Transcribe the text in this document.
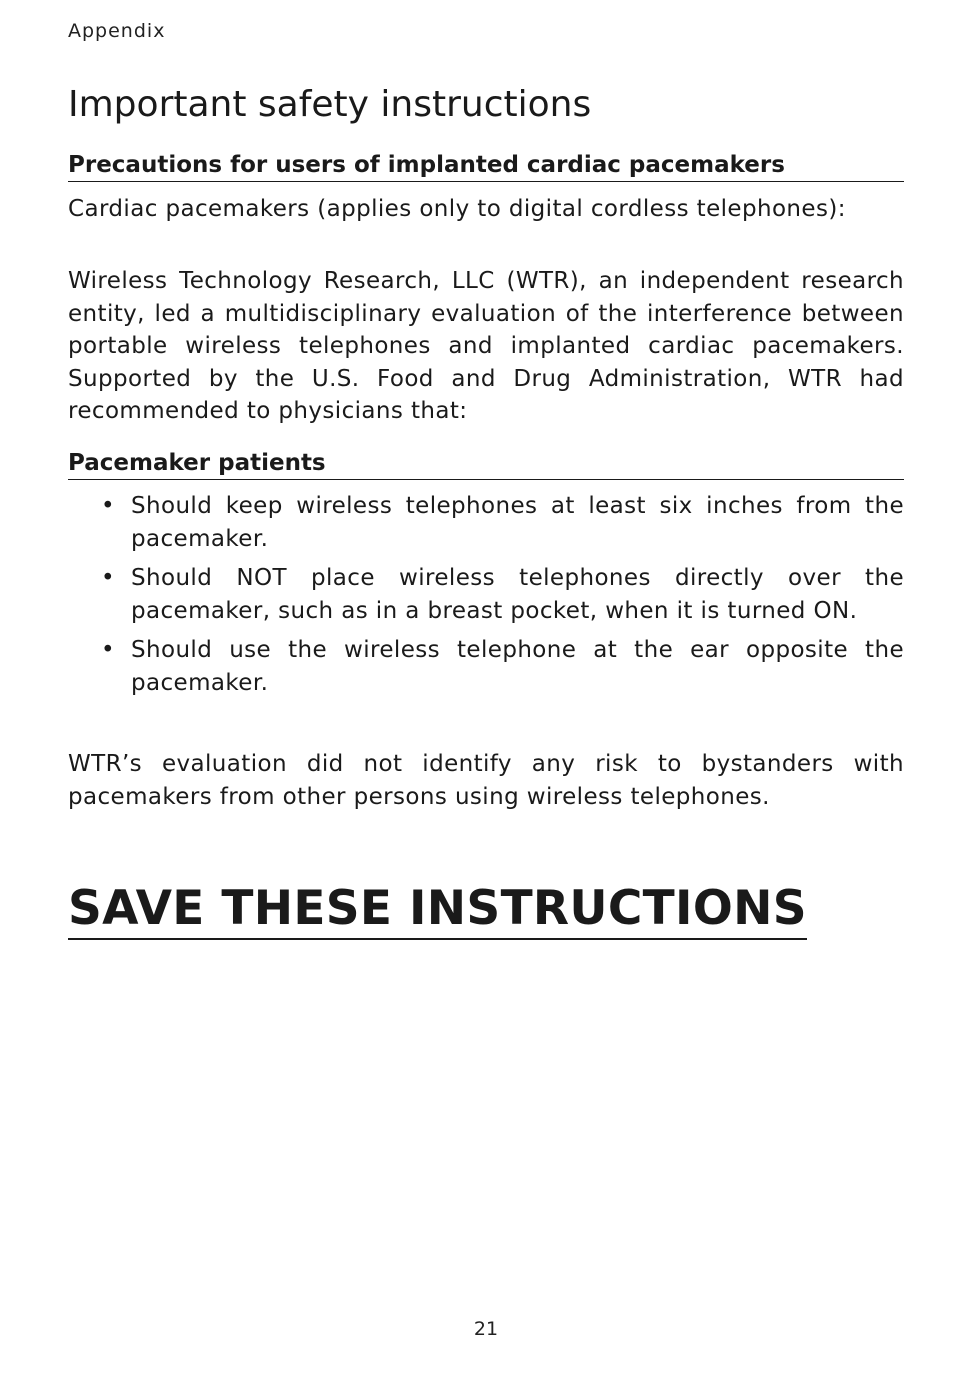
Appendix
Important safety instructions
Precautions for users of implanted cardiac pacemakers

Cardiac pacemakers (applies only to digital cordless telephones):

Wireless Technology Research, LLC (WTR), an independent research entity, led a multidisciplinary evaluation of the interference between portable wireless telephones and implanted cardiac pacemakers. Supported by the U.S. Food and Drug Administration, WTR had recommended to physicians that:

Pacemaker patients
• Should keep wireless telephones at least six inches from the pacemaker.
• Should NOT place wireless telephones directly over the pacemaker, such as in a breast pocket, when it is turned ON.
• Should use the wireless telephone at the ear opposite the pacemaker.

WTR’s evaluation did not identify any risk to bystanders with pacemakers from other persons using wireless telephones.

SAVE THESE INSTRUCTIONS
21
